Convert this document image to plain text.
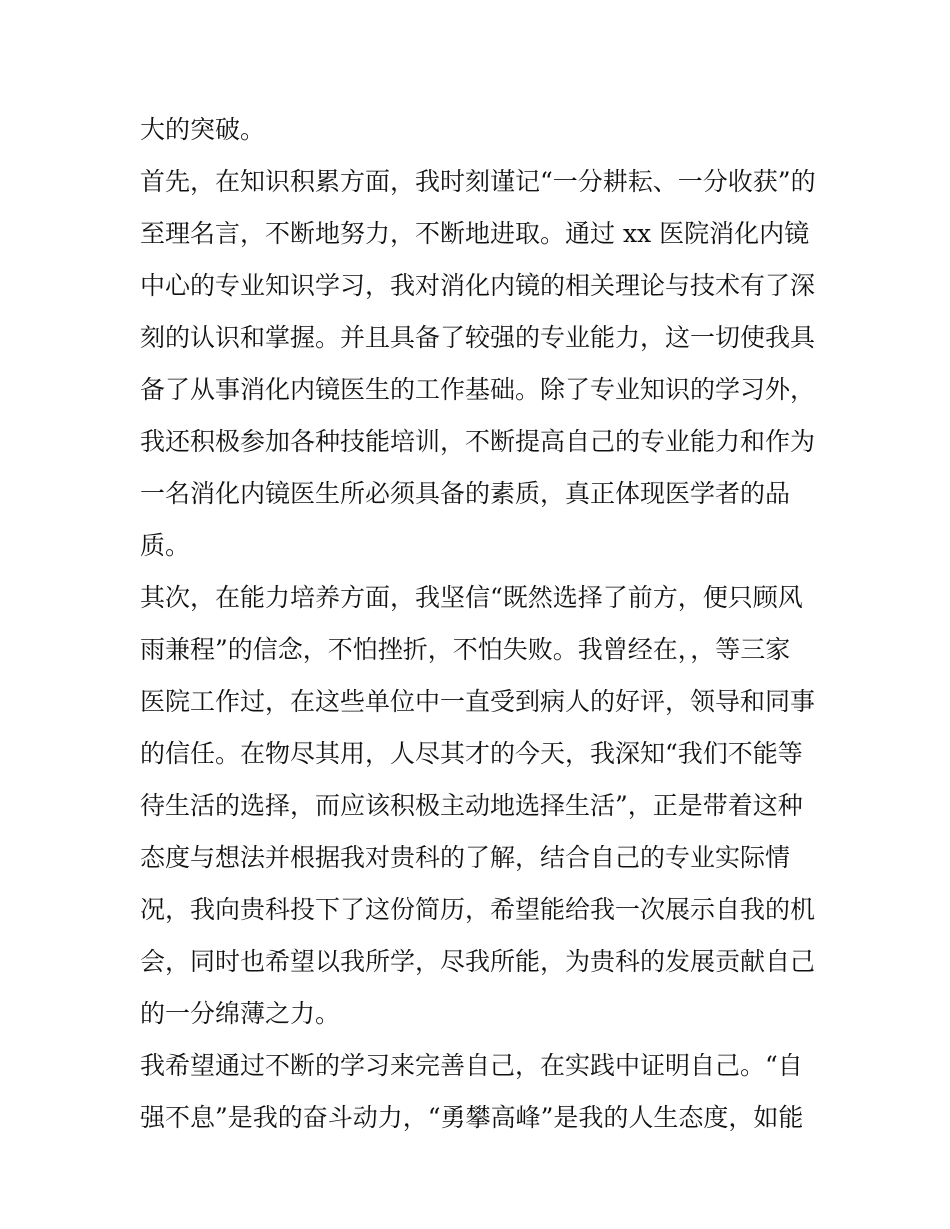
大的突破。
首先，在知识积累方面，我时刻谨记“一分耕耘、一分收获”的
至理名言，不断地努力，不断地进取。通过 xx 医院消化内镜
中心的专业知识学习，我对消化内镜的相关理论与技术有了深
刻的认识和掌握。并且具备了较强的专业能力，这一切使我具
备了从事消化内镜医生的工作基础。除了专业知识的学习外，
我还积极参加各种技能培训，不断提高自己的专业能力和作为
一名消化内镜医生所必须具备的素质，真正体现医学者的品
质。
其次，在能力培养方面，我坚信“既然选择了前方，便只顾风
雨兼程”的信念，不怕挫折，不怕失败。我曾经在，，等三家
医院工作过，在这些单位中一直受到病人的好评，领导和同事
的信任。在物尽其用，人尽其才的今天，我深知“我们不能等
待生活的选择，而应该积极主动地选择生活”，正是带着这种
态度与想法并根据我对贵科的了解，结合自己的专业实际情
况，我向贵科投下了这份简历，希望能给我一次展示自我的机
会，同时也希望以我所学，尽我所能，为贵科的发展贡献自己
的一分绵薄之力。
我希望通过不断的学习来完善自己，在实践中证明自己。“自
强不息”是我的奋斗动力，“勇攀高峰”是我的人生态度，如能
